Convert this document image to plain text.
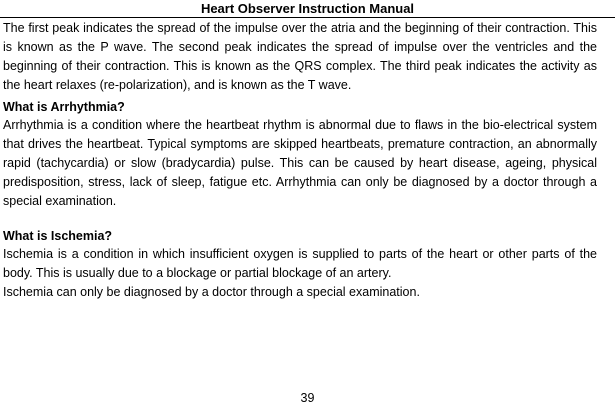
Heart Observer Instruction Manual

The first peak indicates the spread of the impulse over the atria and the beginning of their contraction. This is known as the P wave. The second peak indicates the spread of impulse over the ventricles and the beginning of their contraction. This is known as the QRS complex. The third peak indicates the activity as the heart relaxes (re-polarization), and is known as the T wave.

What is Arrhythmia?

Arrhythmia is a condition where the heartbeat rhythm is abnormal due to flaws in the bio-electrical system that drives the heartbeat. Typical symptoms are skipped heartbeats, premature contraction, an abnormally rapid (tachycardia) or slow (bradycardia) pulse. This can be caused by heart disease, ageing, physical predisposition, stress, lack of sleep, fatigue etc. Arrhythmia can only be diagnosed by a doctor through a special examination.

What is Ischemia?

Ischemia is a condition in which insufficient oxygen is supplied to parts of the heart or other parts of the body. This is usually due to a blockage or partial blockage of an artery.

Ischemia can only be diagnosed by a doctor through a special examination.

39
